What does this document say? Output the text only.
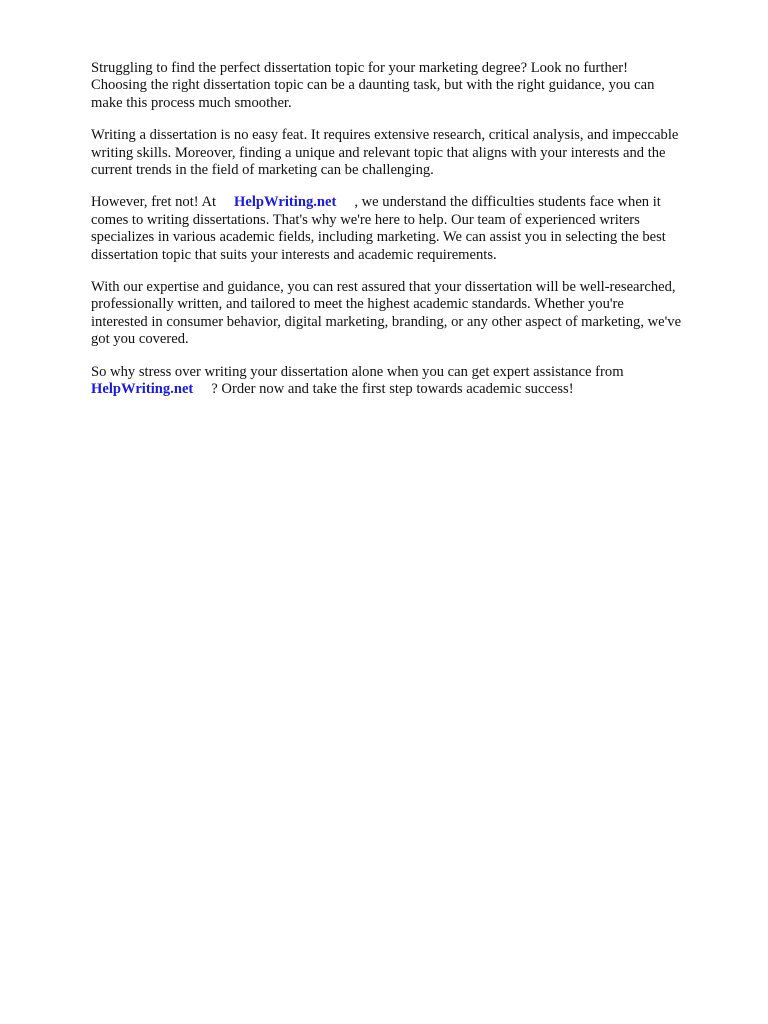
Struggling to find the perfect dissertation topic for your marketing degree? Look no further!
Choosing the right dissertation topic can be a daunting task, but with the right guidance, you can
make this process much smoother.

Writing a dissertation is no easy feat. It requires extensive research, critical analysis, and impeccable
writing skills. Moreover, finding a unique and relevant topic that aligns with your interests and the
current trends in the field of marketing can be challenging.

However, fret not! At HelpWriting.net , we understand the difficulties students face when it
comes to writing dissertations. That's why we're here to help. Our team of experienced writers
specializes in various academic fields, including marketing. We can assist you in selecting the best
dissertation topic that suits your interests and academic requirements.

With our expertise and guidance, you can rest assured that your dissertation will be well-researched,
professionally written, and tailored to meet the highest academic standards. Whether you're
interested in consumer behavior, digital marketing, branding, or any other aspect of marketing, we've
got you covered.

So why stress over writing your dissertation alone when you can get expert assistance from
HelpWriting.net ? Order now and take the first step towards academic success!
